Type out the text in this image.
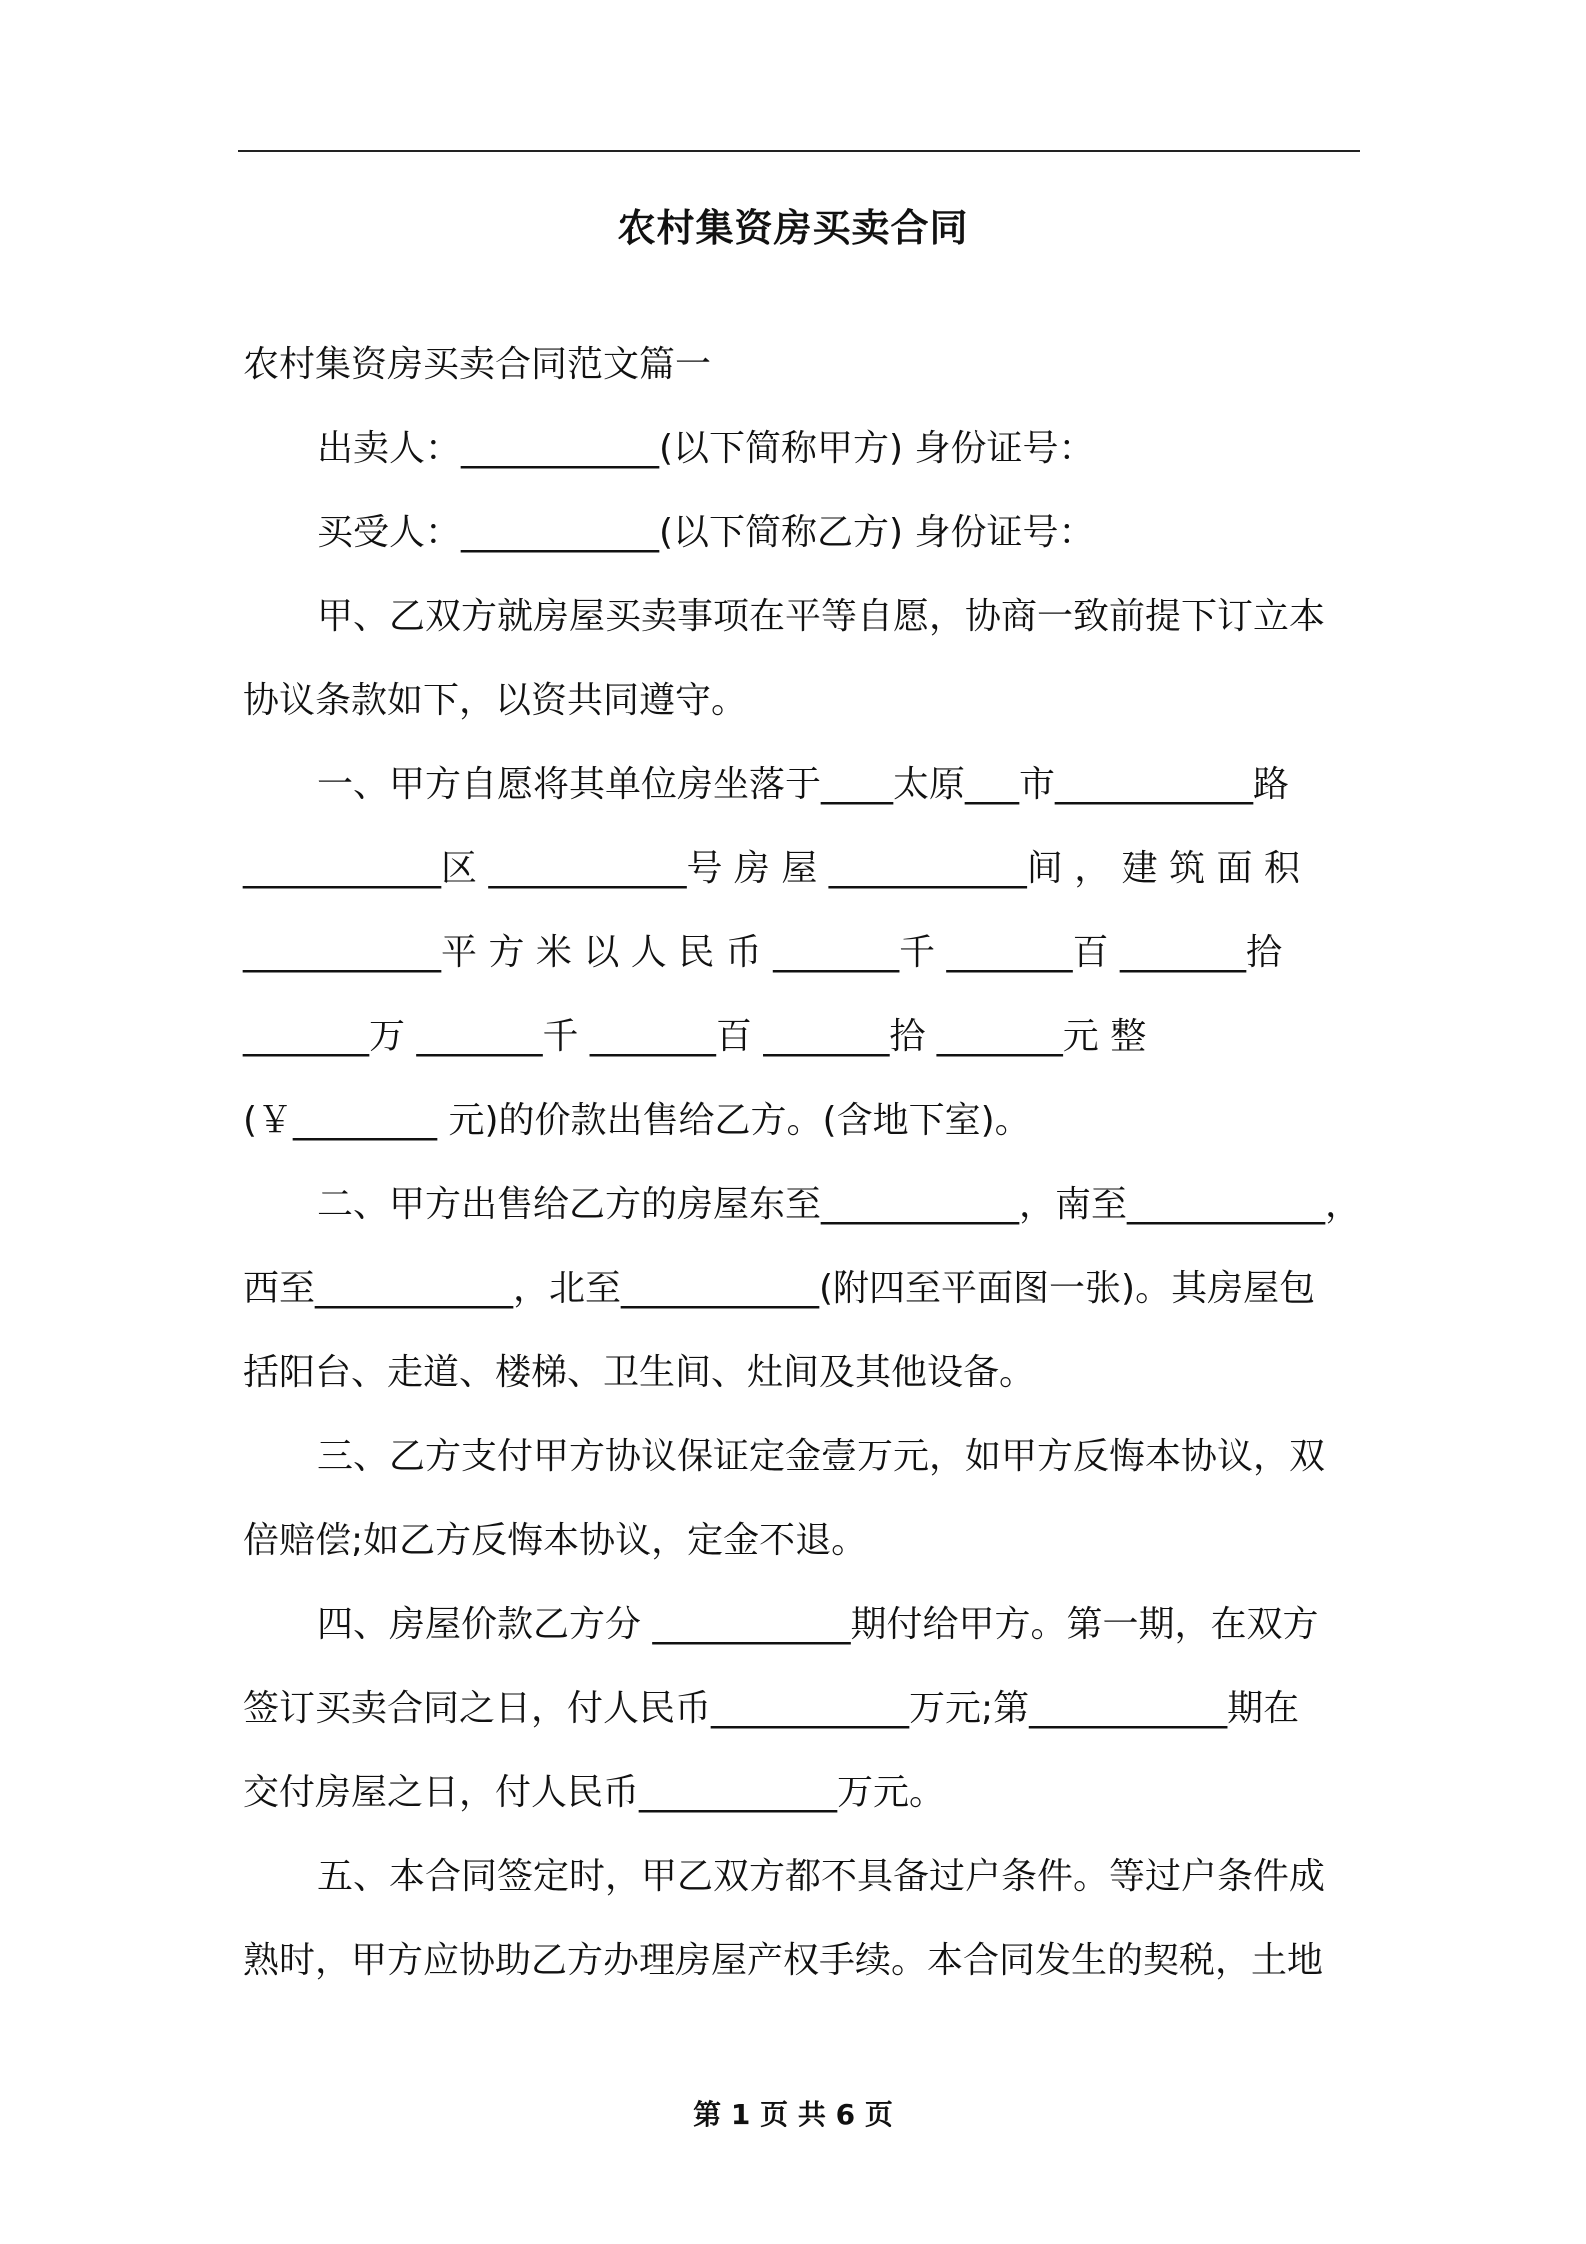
农村集资房买卖合同
农村集资房买卖合同范文篇一
出卖人：___________(以下简称甲方) 身份证号：
买受人：___________(以下简称乙方) 身份证号：
甲、乙双方就房屋买卖事项在平等自愿，协商一致前提下订立本
协议条款如下，以资共同遵守。
一、甲方自愿将其单位房坐落于____太原___市___________路
___________区 ___________号 房 屋 ___________间 ， 建 筑 面 积
___________平 方 米 以 人 民 币 _______千 _______百 _______拾
_______万 _______千 _______百 _______拾 _______元 整
(￥________ 元)的价款出售给乙方。(含地下室)。
二、甲方出售给乙方的房屋东至___________，南至___________，
西至___________，北至___________(附四至平面图一张)。其房屋包
括阳台、走道、楼梯、卫生间、灶间及其他设备。
三、乙方支付甲方协议保证定金壹万元，如甲方反悔本协议，双
倍赔偿;如乙方反悔本协议，定金不退。
四、房屋价款乙方分 ___________期付给甲方。第一期，在双方
签订买卖合同之日，付人民币___________万元;第___________期在
交付房屋之日，付人民币___________万元。
五、本合同签定时，甲乙双方都不具备过户条件。等过户条件成
熟时，甲方应协助乙方办理房屋产权手续。本合同发生的契税，土地
第 1 页 共 6 页
